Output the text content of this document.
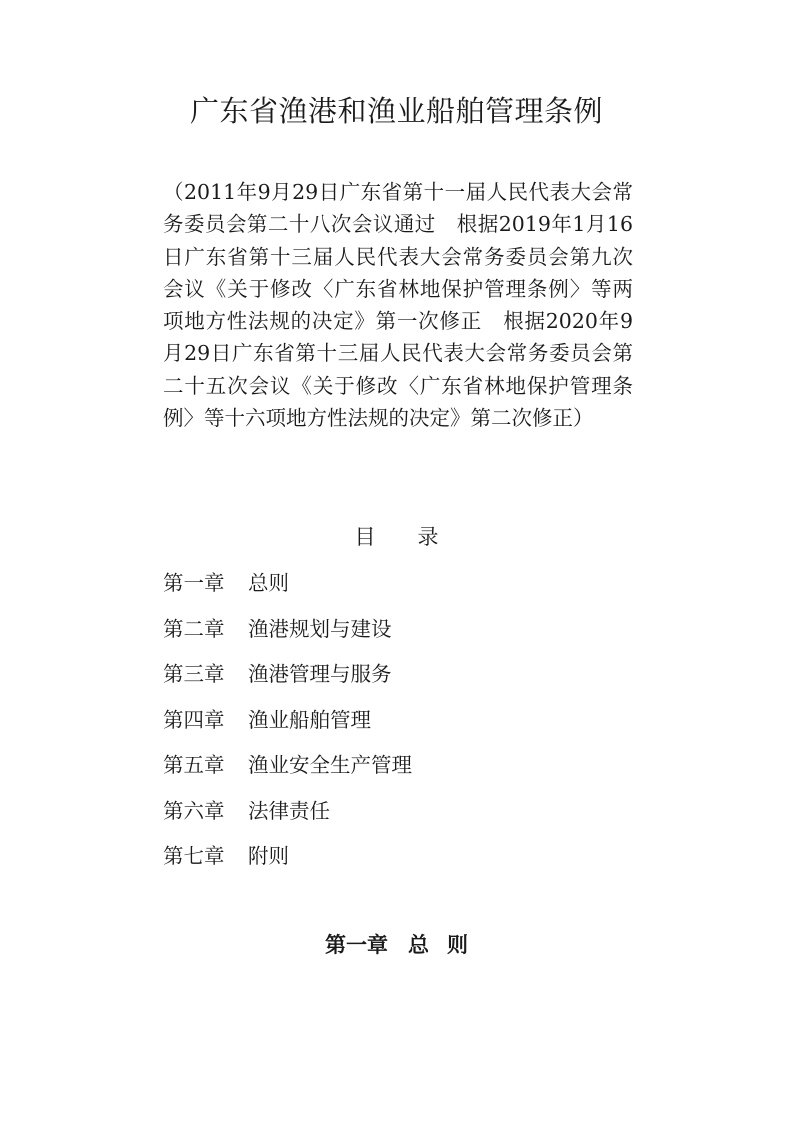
广东省渔港和渔业船舶管理条例
（2011年9月29日广东省第十一届人民代表大会常务委员会第二十八次会议通过　根据2019年1月16日广东省第十三届人民代表大会常务委员会第九次会议《关于修改〈广东省林地保护管理条例〉等两项地方性法规的决定》第一次修正　根据2020年9月29日广东省第十三届人民代表大会常务委员会第二十五次会议《关于修改〈广东省林地保护管理条例〉等十六项地方性法规的决定》第二次修正）
目 录
第一章 总则
第二章 渔港规划与建设
第三章 渔港管理与服务
第四章 渔业船舶管理
第五章 渔业安全生产管理
第六章 法律责任
第七章 附则
第一章 总 则
